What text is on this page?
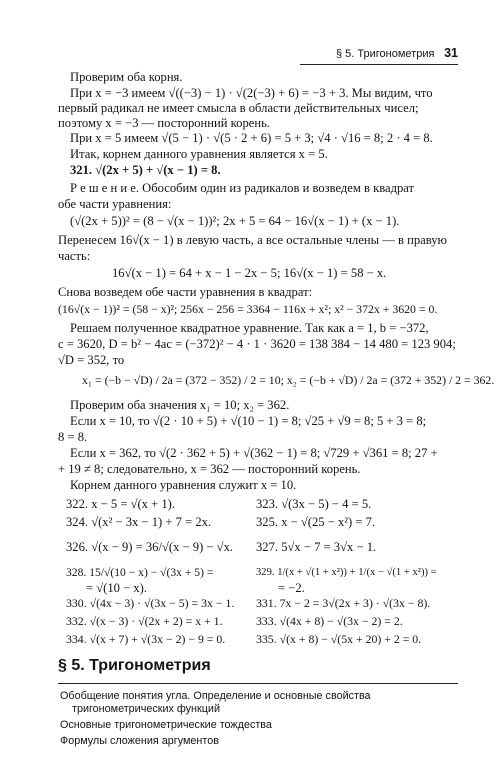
§ 5. Тригонометрия 31
Проверим оба корня.
При x = −3 имеем √((−3) − 1) · √(2(−3) + 6) = −3 + 3. Мы видим, что
первый радикал не имеет смысла в области действительных чисел;
поэтому x = −3 — посторонний корень.
При x = 5 имеем √(5 − 1) · √(5 · 2 + 6) = 5 + 3; √4 · √16 = 8; 2 · 4 = 8.
Итак, корнем данного уравнения является x = 5.
321. √(2x + 5) + √(x − 1) = 8.
Р е ш е н и е. Обособим один из радикалов и возведем в квадрат
обе части уравнения:
(√(2x + 5))² = (8 − √(x − 1))²; 2x + 5 = 64 − 16√(x − 1) + (x − 1).
Перенесем 16√(x − 1) в левую часть, а все остальные члены — в правую
часть:
16√(x − 1) = 64 + x − 1 − 2x − 5; 16√(x − 1) = 58 − x.
Снова возведем обе части уравнения в квадрат:
(16√(x − 1))² = (58 − x)²; 256x − 256 = 3364 − 116x + x²; x² − 372x + 3620 = 0.
Решаем полученное квадратное уравнение. Так как a = 1, b = −372,
c = 3620, D = b² − 4ac = (−372)² − 4 · 1 · 3620 = 138 384 − 14 480 = 123 904;
√D = 352, то
x₁ = (−b − √D) / 2a = (372 − 352) / 2 = 10; x₂ = (−b + √D) / 2a = (372 + 352) / 2 = 362.
Проверим оба значения x₁ = 10; x₂ = 362.
Если x = 10, то √(2 · 10 + 5) + √(10 − 1) = 8; √25 + √9 = 8; 5 + 3 = 8;
8 = 8.
Если x = 362, то √(2 · 362 + 5) + √(362 − 1) = 8; √729 + √361 = 8; 27 +
+ 19 ≠ 8; следовательно, x = 362 — посторонний корень.
Корнем данного уравнения служит x = 10.
322. x − 5 = √(x + 1).	323. √(3x − 5) − 4 = 5.
324. √(x² − 3x − 1) + 7 = 2x.	325. x − √(25 − x²) = 7.
326. √(x − 9) = 36/√(x − 9) − √x. 327. 5√x − 7 = 3√x − 1.
328. 15/√(10 − x) − √(3x + 5) =	329. 1/(x + √(1 + x²)) + 1/(x − √(1 + x²)) =
= √(10 − x).	= −2.
330. √(4x − 3) · √(3x − 5) = 3x − 1. 331. 7x − 2 = 3√(2x + 3) · √(3x − 8).
332. √(x − 3) · √(2x + 2) = x + 1.	333. √(4x + 8) − √(3x − 2) = 2.
334. √(x + 7) + √(3x − 2) − 9 = 0.	335. √(x + 8) − √(5x + 20) + 2 = 0.
§ 5. Тригонометрия
Обобщение понятия угла. Определение и основные свойства
тригонометрических функций
Основные тригонометрические тождества
Формулы сложения аргументов
